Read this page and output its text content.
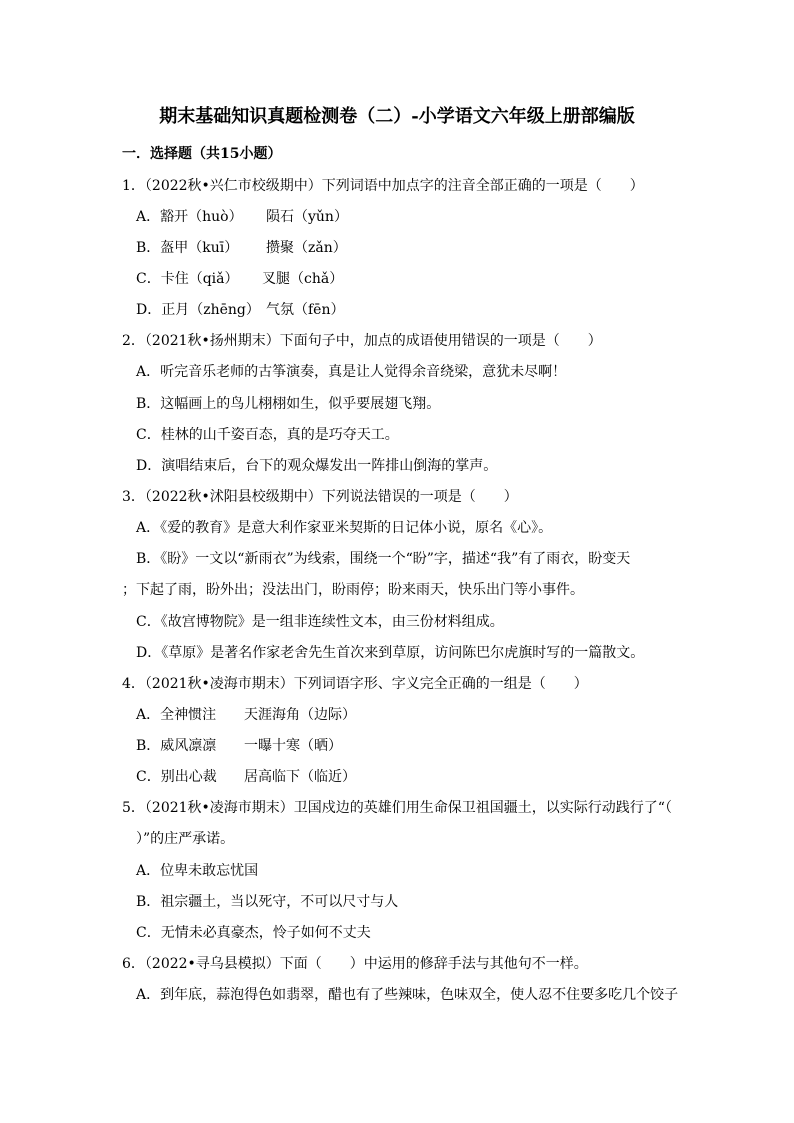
期末基础知识真题检测卷（二）-小学语文六年级上册部编版
一．选择题（共15小题）
1．（2022秋•兴仁市校级期中）下列词语中加点字的注音全部正确的一项是（　　）
A．豁开（huò） 陨石（yǔn）
B．盔甲（kuī） 攒聚（zǎn）
C．卡住（qiǎ） 叉腿（chǎ）
D．正月（zhēng） 气氛（fēn）
2．（2021秋•扬州期末）下面句子中，加点的成语使用错误的一项是（　　）
A．听完音乐老师的古筝演奏，真是让人觉得余音绕梁，意犹未尽啊！
B．这幅画上的鸟儿栩栩如生，似乎要展翅飞翔。
C．桂林的山千姿百态，真的是巧夺天工。
D．演唱结束后，台下的观众爆发出一阵排山倒海的掌声。
3．（2022秋•沭阳县校级期中）下列说法错误的一项是（　　）
A．《爱的教育》是意大利作家亚米契斯的日记体小说，原名《心》。
B．《盼》一文以“新雨衣”为线索，围绕一个“盼”字，描述“我”有了雨衣，盼变天
；下起了雨，盼外出；没法出门，盼雨停；盼来雨天，快乐出门等小事件。
C．《故宫博物院》是一组非连续性文本，由三份材料组成。
D．《草原》是著名作家老舍先生首次来到草原，访问陈巴尔虎旗时写的一篇散文。
4．（2021秋•凌海市期末）下列词语字形、字义完全正确的一组是（　　）
A．全神惯注 天涯海角（边际）
B．威风凛凛 一曝十寒（晒）
C．别出心裁 居高临下（临近）
5．（2021秋•凌海市期末）卫国戍边的英雄们用生命保卫祖国疆土，以实际行动践行了“（
）”的庄严承诺。
A．位卑未敢忘忧国
B．祖宗疆土，当以死守，不可以尺寸与人
C．无情未必真豪杰，怜子如何不丈夫
6．（2022•寻乌县模拟）下面（　　）中运用的修辞手法与其他句不一样。
A．到年底，蒜泡得色如翡翠，醋也有了些辣味，色味双全，使人忍不住要多吃几个饺子
